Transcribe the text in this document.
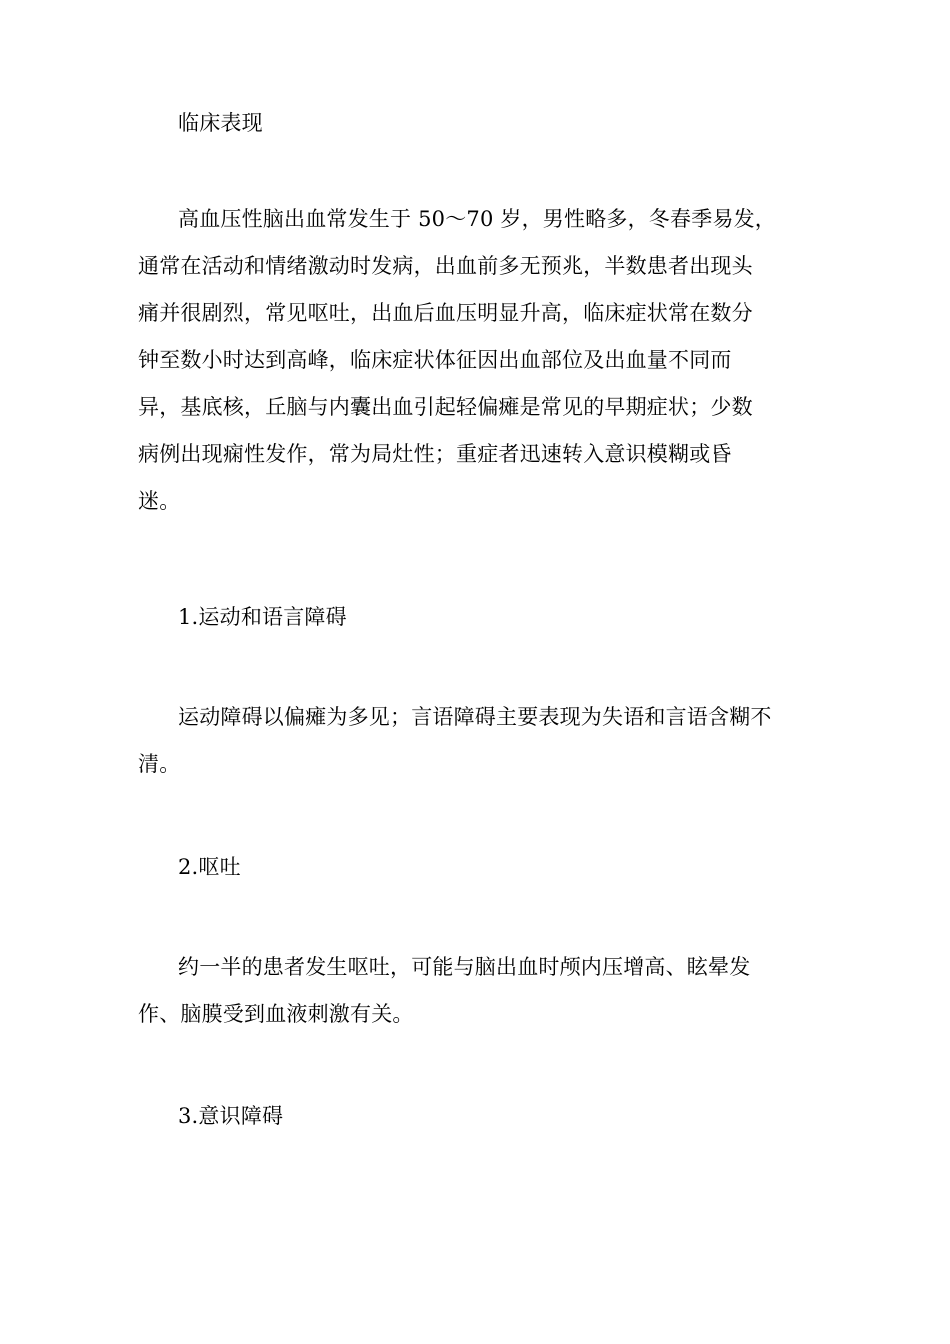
临床表现
高血压性脑出血常发生于 50～70 岁，男性略多，冬春季易发，
通常在活动和情绪激动时发病，出血前多无预兆，半数患者出现头
痛并很剧烈，常见呕吐，出血后血压明显升高，临床症状常在数分
钟至数小时达到高峰，临床症状体征因出血部位及出血量不同而
异，基底核，丘脑与内囊出血引起轻偏瘫是常见的早期症状；少数
病例出现痫性发作，常为局灶性；重症者迅速转入意识模糊或昏
迷。
1.运动和语言障碍
运动障碍以偏瘫为多见；言语障碍主要表现为失语和言语含糊不
清。
2.呕吐
约一半的患者发生呕吐，可能与脑出血时颅内压增高、眩晕发
作、脑膜受到血液刺激有关。
3.意识障碍
